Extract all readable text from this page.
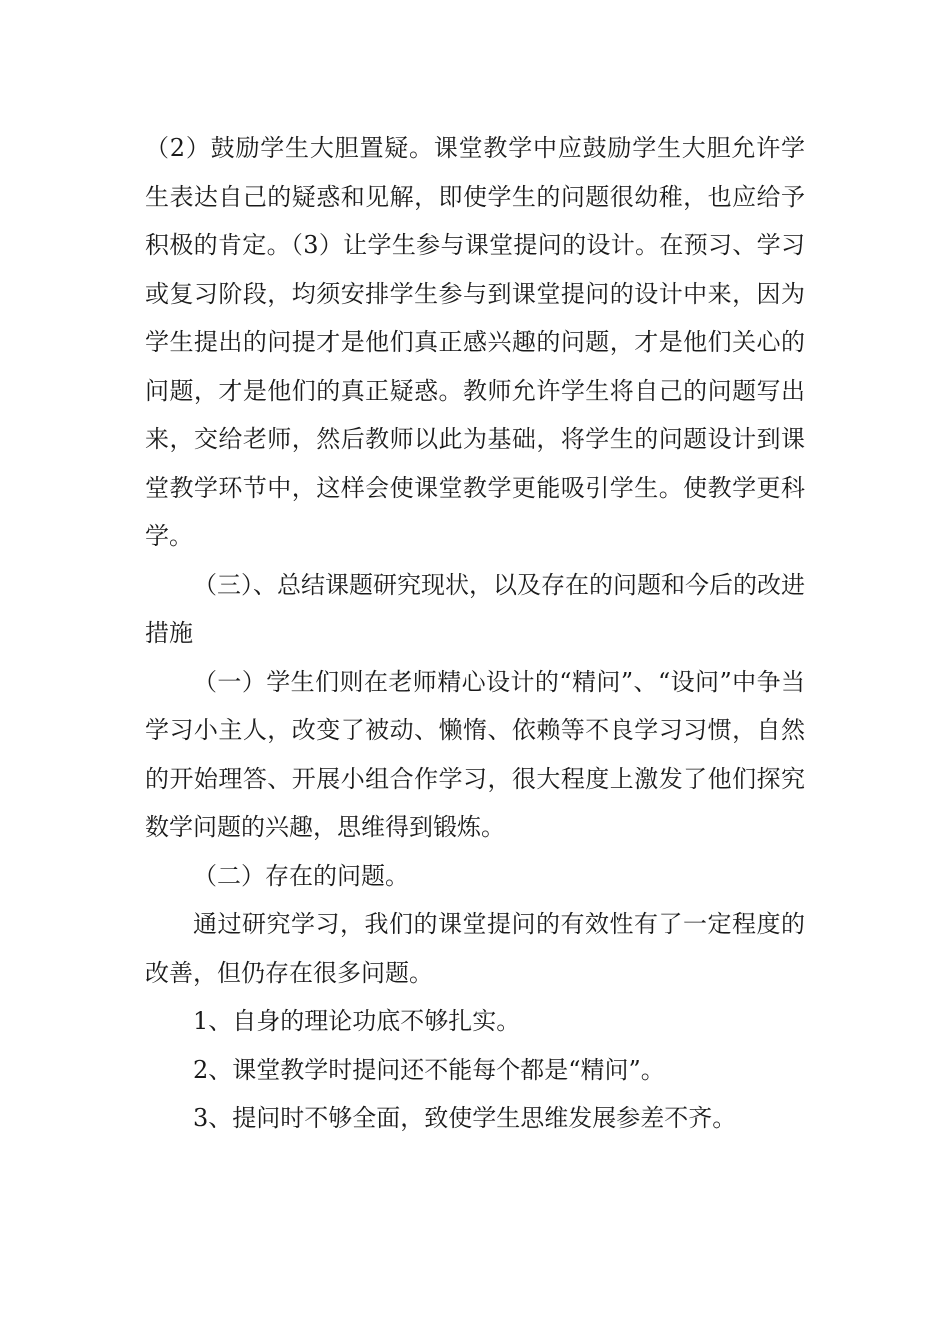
（2）鼓励学生大胆置疑。课堂教学中应鼓励学生大胆允许学生表达自己的疑惑和见解，即使学生的问题很幼稚，也应给予积极的肯定。（3）让学生参与课堂提问的设计。在预习、学习或复习阶段，均须安排学生参与到课堂提问的设计中来，因为学生提出的问提才是他们真正感兴趣的问题，才是他们关心的问题，才是他们的真正疑惑。教师允许学生将自己的问题写出来，交给老师，然后教师以此为基础，将学生的问题设计到课堂教学环节中，这样会使课堂教学更能吸引学生。使教学更科学。

（三）、总结课题研究现状，以及存在的问题和今后的改进措施

（一）学生们则在老师精心设计的“精问”、“设问”中争当学习小主人，改变了被动、懒惰、依赖等不良学习习惯，自然的开始理答、开展小组合作学习，很大程度上激发了他们探究数学问题的兴趣，思维得到锻炼。

（二）存在的问题。

通过研究学习，我们的课堂提问的有效性有了一定程度的改善，但仍存在很多问题。

1、自身的理论功底不够扎实。

2、课堂教学时提问还不能每个都是“精问”。

3、提问时不够全面，致使学生思维发展参差不齐。
